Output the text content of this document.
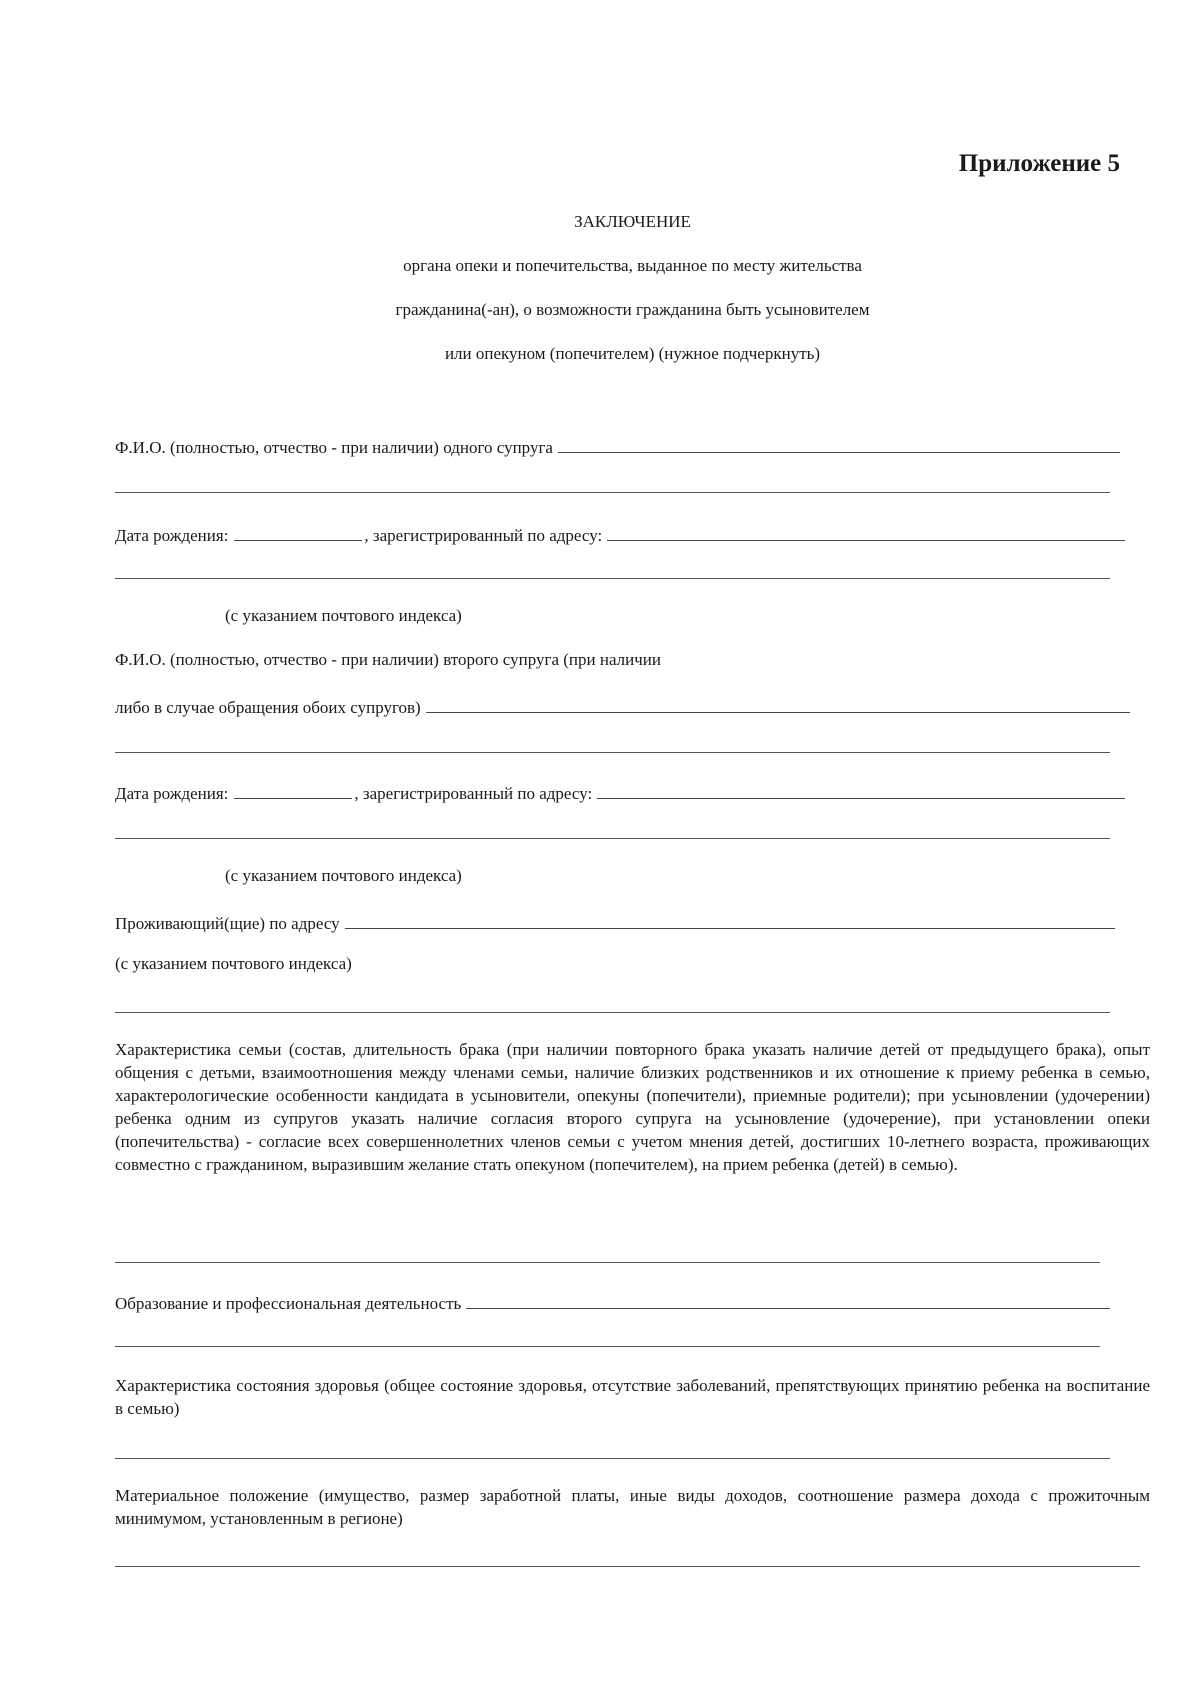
Приложение 5
ЗАКЛЮЧЕНИЕ
органа опеки и попечительства, выданное по месту жительства
гражданина(-ан), о возможности гражданина быть усыновителем
или опекуном (попечителем) (нужное подчеркнуть)
Ф.И.О. (полностью, отчество - при наличии) одного супруга
Дата рождения:	, зарегистрированный по адресу:
(с указанием почтового индекса)
Ф.И.О. (полностью, отчество - при наличии) второго супруга (при наличии
либо в случае обращения обоих супругов)
Дата рождения:	, зарегистрированный по адресу:
(с указанием почтового индекса)
Проживающий(щие) по адресу
(с указанием почтового индекса)
Характеристика семьи (состав, длительность брака (при наличии повторного брака указать наличие детей от предыдущего брака), опыт общения с детьми, взаимоотношения между членами семьи, наличие близких родственников и их отношение к приему ребенка в семью, характерологические особенности кандидата в усыновители, опекуны (попечители), приемные родители); при усыновлении (удочерении) ребенка одним из супругов указать наличие согласия второго супруга на усыновление (удочерение), при установлении опеки (попечительства) - согласие всех совершеннолетних членов семьи с учетом мнения детей, достигших 10-летнего возраста, проживающих совместно с гражданином, выразившим желание стать опекуном (попечителем), на прием ребенка (детей) в семью).
Образование и профессиональная деятельность
Характеристика состояния здоровья (общее состояние здоровья, отсутствие заболеваний, препятствующих принятию ребенка на воспитание в семью)
Материальное положение (имущество, размер заработной платы, иные виды доходов, соотношение размера дохода с прожиточным минимумом, установленным в регионе)
